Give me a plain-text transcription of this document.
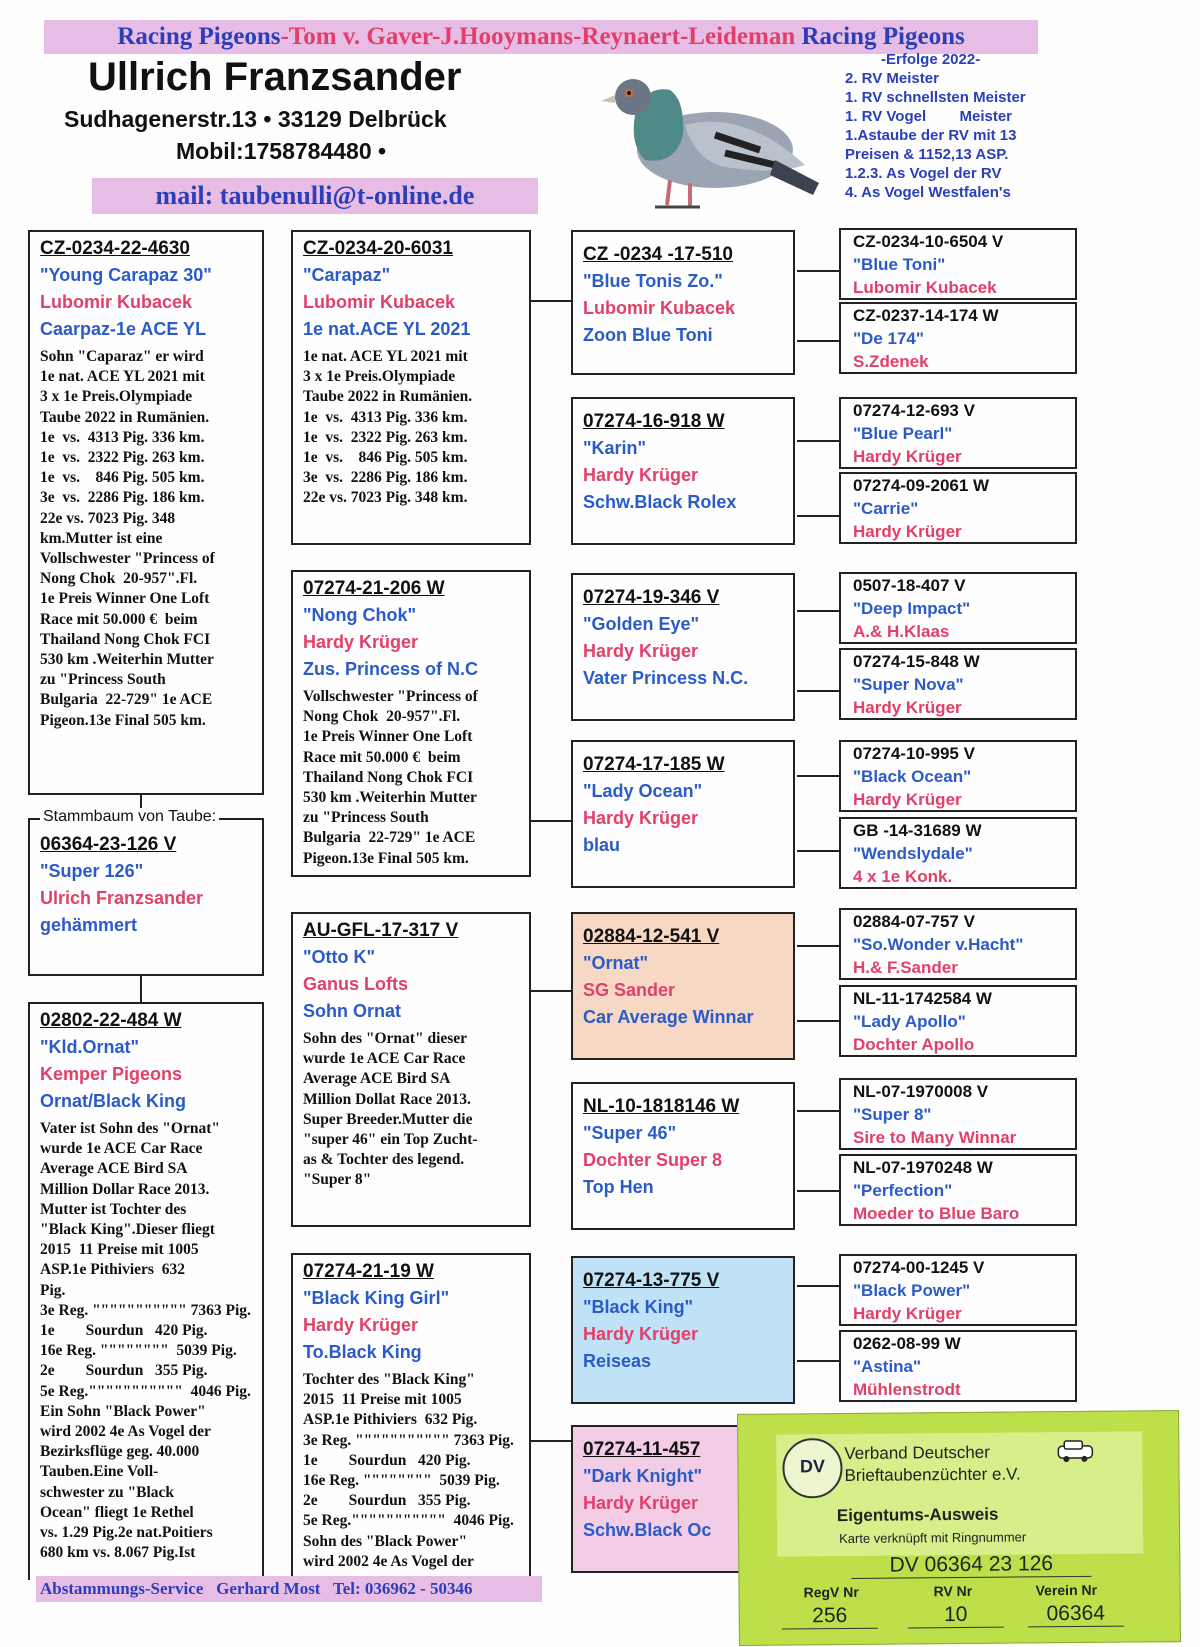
Racing Pigeons-Tom v. Gaver-J.Hooymans-Reynaert-Leideman Racing Pigeons
Ullrich Franzsander
Sudhagenerstr.13 • 33129 Delbrück
Mobil:1758784480 •
mail: taubenulli@t-online.de
-Erfolge 2022-
2. RV Meister
1. RV schnellsten Meister
1. RV Vogel        Meister
1.Astaube der RV mit 13
Preisen & 1152,13 ASP.
1.2.3. As Vogel der RV
4. As Vogel Westfalen's
CZ-0234-22-4630
"Young Carapaz 30"
Lubomir Kubacek
Caarpaz-1e ACE YL
Sohn "Caparaz" er wird
1e nat. ACE YL 2021 mit
3 x 1e Preis.Olympiade
Taube 2022 in Rumänien.
1e  vs.  4313 Pig. 336 km.
1e  vs.  2322 Pig. 263 km.
1e  vs.    846 Pig. 505 km.
3e  vs.  2286 Pig. 186 km.
22e vs. 7023 Pig. 348
km.Mutter ist eine
Vollschwester "Princess of
Nong Chok  20-957".Fl.
1e Preis Winner One Loft
Race mit 50.000 €  beim
Thailand Nong Chok FCI
530 km .Weiterhin Mutter
zu "Princess South
Bulgaria  22-729" 1e ACE
Pigeon.13e Final 505 km.
Stammbaum von Taube:
06364-23-126 V
"Super 126"
Ulrich Franzsander
gehämmert
02802-22-484 W
"Kld.Ornat"
Kemper Pigeons
Ornat/Black King
Vater ist Sohn des "Ornat"
wurde 1e ACE Car Race
Average ACE Bird SA
Million Dollar Race 2013.
Mutter ist Tochter des
"Black King".Dieser fliegt
2015  11 Preise mit 1005
ASP.1e Pithiviers  632
Pig.
3e Reg. """"""""""" 7363 Pig.
1e        Sourdun   420 Pig.
16e Reg. """"""""  5039 Pig.
2e        Sourdun   355 Pig.
5e Reg."""""""""""  4046 Pig.
Ein Sohn "Black Power"
wird 2002 4e As Vogel der
Bezirksflüge geg. 40.000
Tauben.Eine Voll-
schwester zu "Black
Ocean" fliegt 1e Rethel
vs. 1.29 Pig.2e nat.Poitiers
680 km vs. 8.067 Pig.Ist
CZ-0234-20-6031
"Carapaz"
Lubomir Kubacek
1e nat.ACE YL 2021
1e nat. ACE YL 2021 mit
3 x 1e Preis.Olympiade
Taube 2022 in Rumänien.
1e  vs.  4313 Pig. 336 km.
1e  vs.  2322 Pig. 263 km.
1e  vs.    846 Pig. 505 km.
3e  vs.  2286 Pig. 186 km.
22e vs. 7023 Pig. 348 km.
07274-21-206 W
"Nong Chok"
Hardy Krüger
Zus. Princess of N.C
Vollschwester "Princess of
Nong Chok  20-957".Fl.
1e Preis Winner One Loft
Race mit 50.000 €  beim
Thailand Nong Chok FCI
530 km .Weiterhin Mutter
zu "Princess South
Bulgaria  22-729" 1e ACE
Pigeon.13e Final 505 km.
AU-GFL-17-317 V
"Otto K"
Ganus Lofts
Sohn Ornat
Sohn des "Ornat" dieser
wurde 1e ACE Car Race
Average ACE Bird SA
Million Dollat Race 2013.
Super Breeder.Mutter die
"super 46" ein Top Zucht-
as & Tochter des legend.
"Super 8"
07274-21-19 W
"Black King Girl"
Hardy Krüger
To.Black King
Tochter des "Black King"
2015  11 Preise mit 1005
ASP.1e Pithiviers  632 Pig.
3e Reg. """"""""""" 7363 Pig.
1e        Sourdun   420 Pig.
16e Reg. """"""""  5039 Pig.
2e        Sourdun   355 Pig.
5e Reg."""""""""""  4046 Pig.
Sohn des "Black Power"
wird 2002 4e As Vogel der
CZ -0234 -17-510
"Blue Tonis Zo."
Lubomir Kubacek
Zoon Blue Toni
07274-16-918 W
"Karin"
Hardy Krüger
Schw.Black Rolex
07274-19-346 V
"Golden Eye"
Hardy Krüger
Vater Princess N.C.
07274-17-185 W
"Lady Ocean"
Hardy Krüger
blau
02884-12-541 V
"Ornat"
SG Sander
Car Average Winnar
NL-10-1818146 W
"Super 46"
Dochter Super 8
Top Hen
07274-13-775 V
"Black King"
Hardy Krüger
Reiseas
07274-11-457
"Dark Knight"
Hardy Krüger
Schw.Black Oc
CZ-0234-10-6504 V
"Blue Toni"
Lubomir Kubacek
CZ-0237-14-174 W
"De 174"
S.Zdenek
07274-12-693 V
"Blue Pearl"
Hardy Krüger
07274-09-2061 W
"Carrie"
Hardy Krüger
0507-18-407 V
"Deep Impact"
A.& H.Klaas
07274-15-848 W
"Super Nova"
Hardy Krüger
07274-10-995 V
"Black Ocean"
Hardy Krüger
GB -14-31689 W
"Wendslydale"
4 x 1e Konk.
02884-07-757 V
"So.Wonder v.Hacht"
H.& F.Sander
NL-11-1742584 W
"Lady Apollo"
Dochter Apollo
NL-07-1970008 V
"Super 8"
Sire to Many Winnar
NL-07-1970248 W
"Perfection"
Moeder to Blue Baro
07274-00-1245 V
"Black Power"
Hardy Krüger
0262-08-99 W
"Astina"
Mühlenstrodt
Abstammungs-Service   Gerhard Most   Tel: 036962 - 50346
DV
Verband Deutscher
Brieftaubenzüchter e.V.
Eigentums-Ausweis
Karte verknüpft mit Ringnummer
DV 06364 23 126
RegV Nr	RV Nr	Verein Nr
256	10	06364
